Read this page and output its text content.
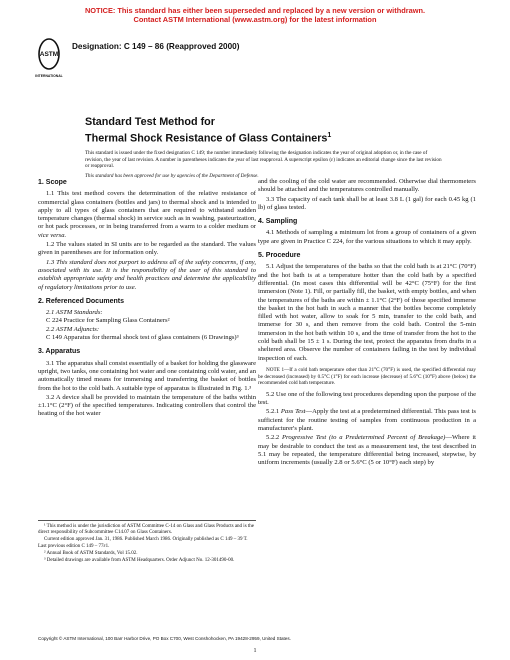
NOTICE: This standard has either been superseded and replaced by a new version or withdrawn.
Contact ASTM International (www.astm.org) for the latest information
ASTM
INTERNATIONAL
Designation: C 149 – 86 (Reapproved 2000)
Standard Test Method for
Thermal Shock Resistance of Glass Containers$^1$

This standard is issued under the fixed designation C 149; the number immediately following the designation indicates the year of original adoption or, in the case of revision, the year of last revision. A number in parentheses indicates the year of last reapproval. A superscript epsilon (ε) indicates an editorial change since the last revision or reapproval.

This standard has been approved for use by agencies of the Department of Defense.

1. Scope

1.1 This test method covers the determination of the relative resistance of commercial glass containers (bottles and jars) to thermal shock and is intended to apply to all types of glass containers that are required to withstand sudden temperature changes (thermal shock) in service such as in washing, pasteurization, or hot pack processes, or in being transferred from a warm to a colder medium or vice versa.

1.2 The values stated in SI units are to be regarded as the standard. The values given in parentheses are for information only.

1.3 This standard does not purport to address all of the safety concerns, if any, associated with its use. It is the responsibility of the user of this standard to establish appropriate safety and health practices and determine the applicability of regulatory limitations prior to use.

2. Referenced Documents

2.1 ASTM Standards:

C 224 Practice for Sampling Glass Containers²

2.2 ASTM Adjuncts:

C 149 Apparatus for thermal shock test of glass containers (6 Drawings)³

3. Apparatus

3.1 The apparatus shall consist essentially of a basket for holding the glassware upright, two tanks, one containing hot water and one containing cold water, and an automatically timed means for immersing and transferring the basket of bottles from the hot to the cold bath. A suitable type of apparatus is illustrated in Fig. 1.³

3.2 A device shall be provided to maintain the temperature of the baths within ±1.1°C (2°F) of the specified temperatures. Indicating controllers that control the heating of the hot water

¹ This method is under the jurisdiction of ASTM Committee C-14 on Glass and Glass Products and is the direct responsibility of Subcommittee C14.07 on Glass Containers.

Current edition approved Jan. 31, 1986. Published March 1986. Originally published as C 149 – 39 T. Last previous edition C 149 – 77ε1.

² Annual Book of ASTM Standards, Vol 15.02.

³ Detailed drawings are available from ASTM Headquarters. Order Adjunct No. 12-301490-00.

and the cooling of the cold water are recommended. Otherwise dial thermometers should be attached and the temperatures controlled manually.

3.3 The capacity of each tank shall be at least 3.8 L (1 gal) for each 0.45 kg (1 lb) of glass tested.

4. Sampling

4.1 Methods of sampling a minimum lot from a group of containers of a given type are given in Practice C 224, for the various situations to which it may apply.

5. Procedure

5.1 Adjust the temperatures of the baths so that the cold bath is at 21°C (70°F) and the hot bath is at a temperature hotter than the cold bath by a specified differential. (In most cases this differential will be 42°C (75°F) for the first immersion (Note 1). Fill, or partially fill, the basket, with empty bottles, and when the temperatures of the baths are within ± 1.1°C (2°F) of those specified immerse the basket in the hot bath in such a manner that the bottles become completely filled with hot water, allow to soak for 5 min, transfer to the cold bath, and immerse for 30 s, and then remove from the cold bath. Control the 5-min immersion in the hot bath within 10 s, and the time of transfer from the hot to the cold bath shall be 15 ± 1 s. During the test, protect the apparatus from drafts in a sheltered area. Observe the number of containers failing in the test by individual inspection of each.

NOTE 1—If a cold bath temperature other than 21°C (70°F) is used, the specified differential may be decreased (increased) by 0.5°C (1°F) for each increase (decrease) of 5.6°C (10°F) above (below) the recommended cold bath temperature.

5.2 Use one of the following test procedures depending upon the purpose of the test.

5.2.1 Pass Test—Apply the test at a predetermined differential. This pass test is sufficient for the routine testing of samples from continuous production in a manufacturer's plant.

5.2.2 Progressive Test (to a Predetermined Percent of Breakage)—Where it may be desirable to conduct the test as a measurement test, the test described in 5.1 may be repeated, the temperature differential being increased, stepwise, by uniform increments (usually 2.8 or 5.6°C (5 or 10°F) each step) by

Copyright © ASTM International, 100 Barr Harbor Drive, PO Box C700, West Conshohocken, PA 19428-2959, United States.
1
